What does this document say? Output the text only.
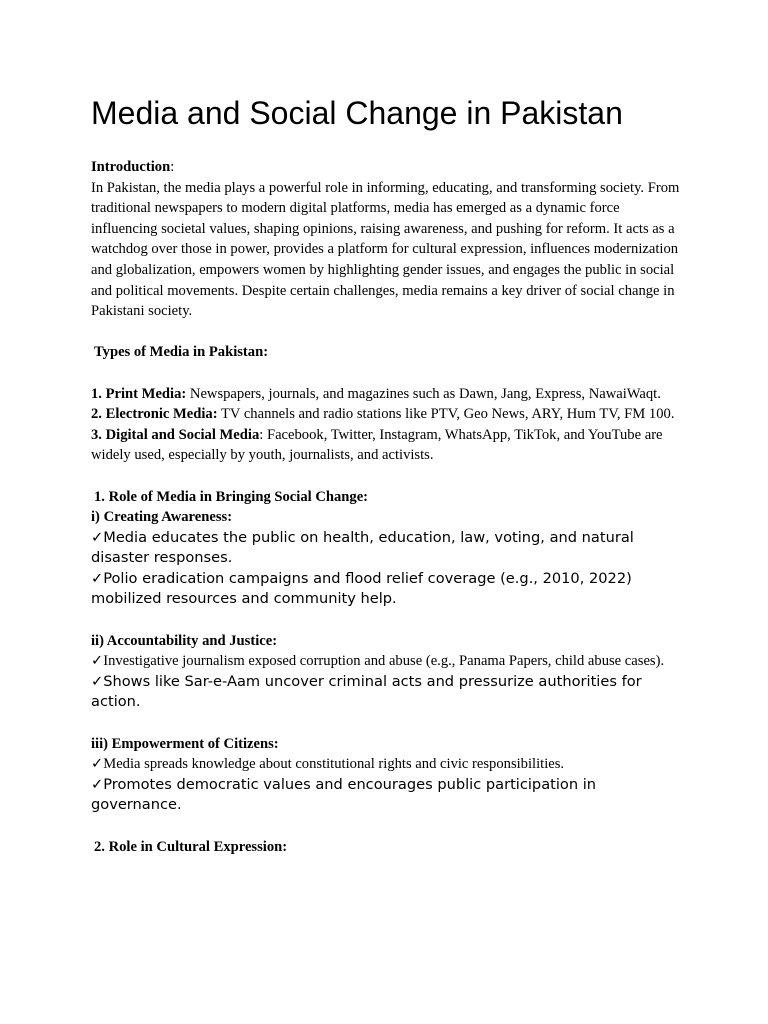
Media and Social Change in Pakistan

Introduction:

In Pakistan, the media plays a powerful role in informing, educating, and transforming society. From traditional newspapers to modern digital platforms, media has emerged as a dynamic force influencing societal values, shaping opinions, raising awareness, and pushing for reform. It acts as a watchdog over those in power, provides a platform for cultural expression, influences modernization and globalization, empowers women by highlighting gender issues, and engages the public in social and political movements. Despite certain challenges, media remains a key driver of social change in Pakistani society.

Types of Media in Pakistan:

1. Print Media: Newspapers, journals, and magazines such as Dawn, Jang, Express, NawaiWaqt.

2. Electronic Media: TV channels and radio stations like PTV, Geo News, ARY, Hum TV, FM 100.

3. Digital and Social Media: Facebook, Twitter, Instagram, WhatsApp, TikTok, and YouTube are widely used, especially by youth, journalists, and activists.

1. Role of Media in Bringing Social Change:

i) Creating Awareness:

✓Media educates the public on health, education, law, voting, and natural disaster responses.

✓Polio eradication campaigns and flood relief coverage (e.g., 2010, 2022) mobilized resources and community help.

ii) Accountability and Justice:

✓Investigative journalism exposed corruption and abuse (e.g., Panama Papers, child abuse cases).

✓Shows like Sar-e-Aam uncover criminal acts and pressurize authorities for action.

iii) Empowerment of Citizens:

✓Media spreads knowledge about constitutional rights and civic responsibilities.

✓Promotes democratic values and encourages public participation in governance.

2. Role in Cultural Expression:
